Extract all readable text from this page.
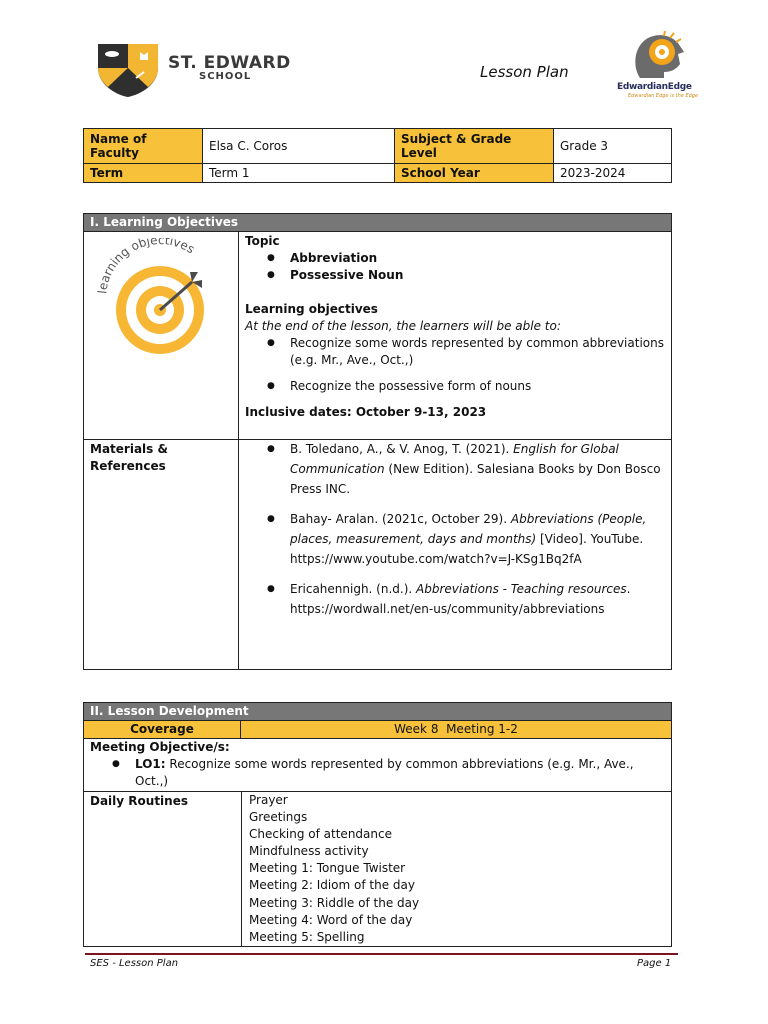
ST. EDWARD
SCHOOL	Lesson Plan
EdwardianEdge
Edwardian Edge is the Edge
Name of Faculty	Elsa C. Coros	Subject & Grade Level	Grade 3
Term	Term 1	School Year	2023-2024
I. Learning Objectives
learning objectives
Topic
● Abbreviation
● Possessive Noun
Learning objectives
At the end of the lesson, the learners will be able to:
● Recognize some words represented by common abbreviations (e.g. Mr., Ave., Oct.,)
● Recognize the possessive form of nouns
Inclusive dates: October 9-13, 2023
Materials & References
● B. Toledano, A., & V. Anog, T. (2021). English for Global Communication (New Edition). Salesiana Books by Don Bosco Press INC.
● Bahay- Aralan. (2021c, October 29). Abbreviations (People, places, measurement, days and months) [Video]. YouTube. https://www.youtube.com/watch?v=J-KSg1Bq2fA
● Ericahennigh. (n.d.). Abbreviations - Teaching resources. https://wordwall.net/en-us/community/abbreviations
II. Lesson Development
Coverage	Week 8  Meeting 1-2
Meeting Objective/s:
● LO1: Recognize some words represented by common abbreviations (e.g. Mr., Ave., Oct.,)
Daily Routines	Prayer
Greetings
Checking of attendance
Mindfulness activity
Meeting 1: Tongue Twister
Meeting 2: Idiom of the day
Meeting 3: Riddle of the day
Meeting 4: Word of the day
Meeting 5: Spelling
SES - Lesson Plan	Page 1
